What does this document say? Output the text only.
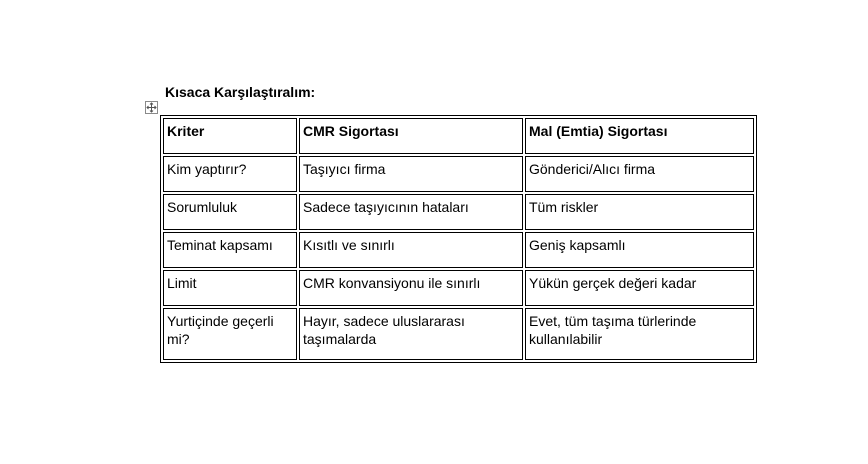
Kısaca Karşılaştıralım:
Kriter	CMR Sigortası	Mal (Emtia) Sigortası
Kim yaptırır?	Taşıyıcı firma	Gönderici/Alıcı firma
Sorumluluk	Sadece taşıyıcının hataları	Tüm riskler
Teminat kapsamı	Kısıtlı ve sınırlı	Geniş kapsamlı
Limit	CMR konvansiyonu ile sınırlı	Yükün gerçek değeri kadar
Yurtiçinde geçerli mi?	Hayır, sadece uluslararası taşımalarda	Evet, tüm taşıma türlerinde kullanılabilir
